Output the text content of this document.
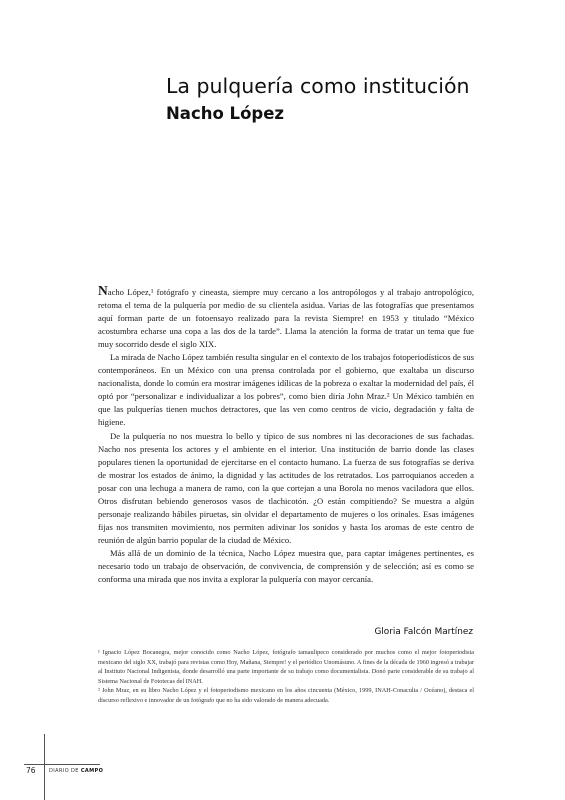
La pulquería como institución
Nacho López

Nacho López,¹ fotógrafo y cineasta, siempre muy cercano a los antropólogos y al trabajo antropológico, retoma el tema de la pulquería por medio de su clientela asidua. Varias de las fotografías que presentamos aquí forman parte de un fotoensayo realizado para la revista Siempre! en 1953 y titulado “México acostumbra echarse una copa a las dos de la tarde”. Llama la atención la forma de tratar un tema que fue muy socorrido desde el siglo XIX.

La mirada de Nacho López también resulta singular en el contexto de los trabajos fotoperiodísticos de sus contemporáneos. En un México con una prensa controlada por el gobierno, que exaltaba un discurso nacionalista, donde lo común era mostrar imágenes idílicas de la pobreza o exaltar la modernidad del país, él optó por “personalizar e individualizar a los pobres”, como bien diría John Mraz.² Un México también en que las pulquerías tienen muchos detractores, que las ven como centros de vicio, degradación y falta de higiene.

De la pulquería no nos muestra lo bello y típico de sus nombres ni las decoraciones de sus fachadas. Nacho nos presenta los actores y el ambiente en el interior. Una institución de barrio donde las clases populares tienen la oportunidad de ejercitarse en el contacto humano. La fuerza de sus fotografías se deriva de mostrar los estados de ánimo, la dignidad y las actitudes de los retratados. Los parroquianos acceden a posar con una lechuga a manera de ramo, con la que cortejan a una Borola no menos vaciladora que ellos. Otros disfrutan bebiendo generosos vasos de tlachicotón. ¿O están compitiendo? Se muestra a algún personaje realizando hábiles piruetas, sin olvidar el departamento de mujeres o los orinales. Esas imágenes fijas nos transmiten movimiento, nos permiten adivinar los sonidos y hasta los aromas de este centro de reunión de algún barrio popular de la ciudad de México.

Más allá de un dominio de la técnica, Nacho López muestra que, para captar imágenes pertinentes, es necesario todo un trabajo de observación, de convivencia, de comprensión y de selección; así es como se conforma una mirada que nos invita a explorar la pulquería con mayor cercanía.

Gloria Falcón Martínez

¹ Ignacio López Bocanegra, mejor conocido como Nacho López, fotógrafo tamaulipeco considerado por muchos como el mejor fotoperiodista mexicano del siglo XX, trabajó para revistas como Hoy, Mañana, Siempre! y el periódico Unomásuno. A fines de la década de 1960 ingresó a trabajar al Instituto Nacional Indigenista, donde desarrolló una parte importante de su trabajo como documentalista. Donó parte considerable de su trabajo al Sistema Nacional de Fototecas del INAH.

² John Mraz, en su libro Nacho López y el fotoperiodismo mexicano en los años cincuenta (México, 1999, INAH-Conaculta / Océano), destaca el discurso reflexivo e innovador de un fotógrafo que no ha sido valorado de manera adecuada.

76	DIARIO DE CAMPO
